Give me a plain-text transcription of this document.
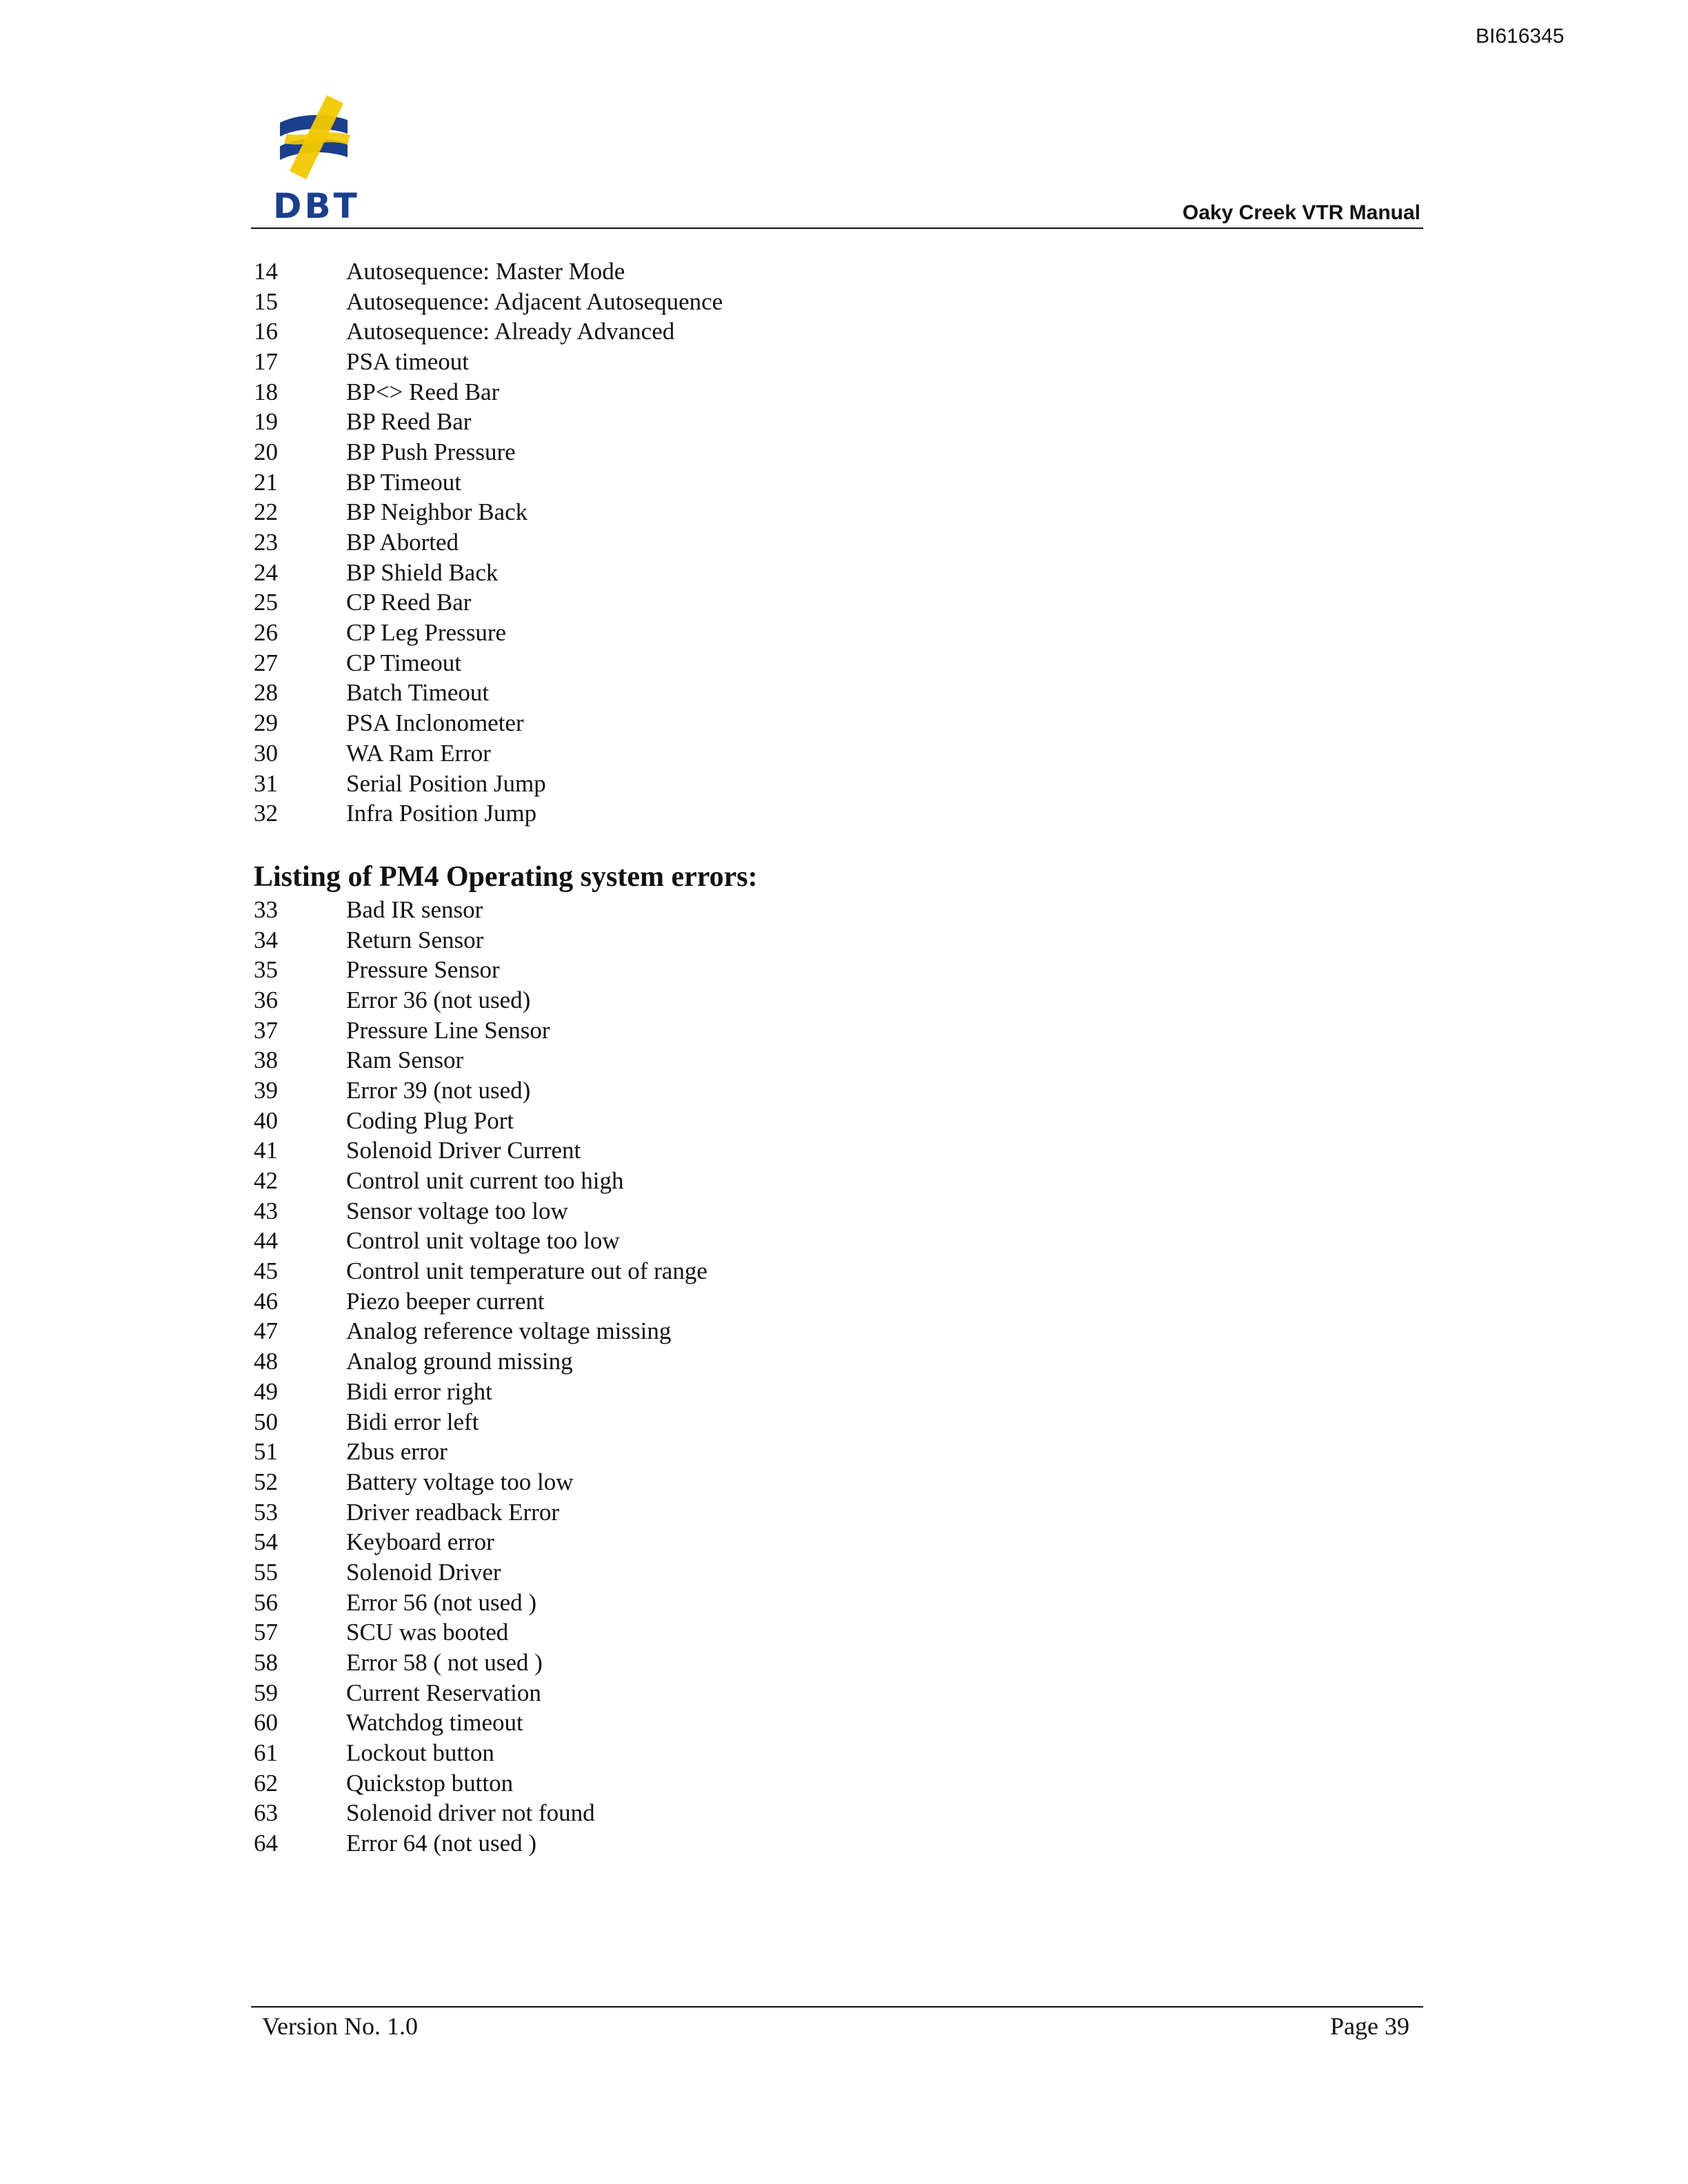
BI616345
DBT	Oaky Creek VTR Manual
14	Autosequence: Master Mode
15	Autosequence: Adjacent Autosequence
16	Autosequence: Already Advanced
17	PSA timeout
18	BP<> Reed Bar
19	BP Reed Bar
20	BP Push Pressure
21	BP Timeout
22	BP Neighbor Back
23	BP Aborted
24	BP Shield Back
25	CP Reed Bar
26	CP Leg Pressure
27	CP Timeout
28	Batch Timeout
29	PSA Inclonometer
30	WA Ram Error
31	Serial Position Jump
32	Infra Position Jump
Listing of PM4 Operating system errors:
33	Bad IR sensor
34	Return Sensor
35	Pressure Sensor
36	Error 36 (not used)
37	Pressure Line Sensor
38	Ram Sensor
39	Error 39 (not used)
40	Coding Plug Port
41	Solenoid Driver Current
42	Control unit current too high
43	Sensor voltage too low
44	Control unit voltage too low
45	Control unit temperature out of range
46	Piezo beeper current
47	Analog reference voltage missing
48	Analog ground missing
49	Bidi error right
50	Bidi error left
51	Zbus error
52	Battery voltage too low
53	Driver readback Error
54	Keyboard error
55	Solenoid Driver
56	Error 56 (not used )
57	SCU was booted
58	Error 58 ( not used )
59	Current Reservation
60	Watchdog timeout
61	Lockout button
62	Quickstop button
63	Solenoid driver not found
64	Error 64 (not used )
Version No. 1.0	Page 39
